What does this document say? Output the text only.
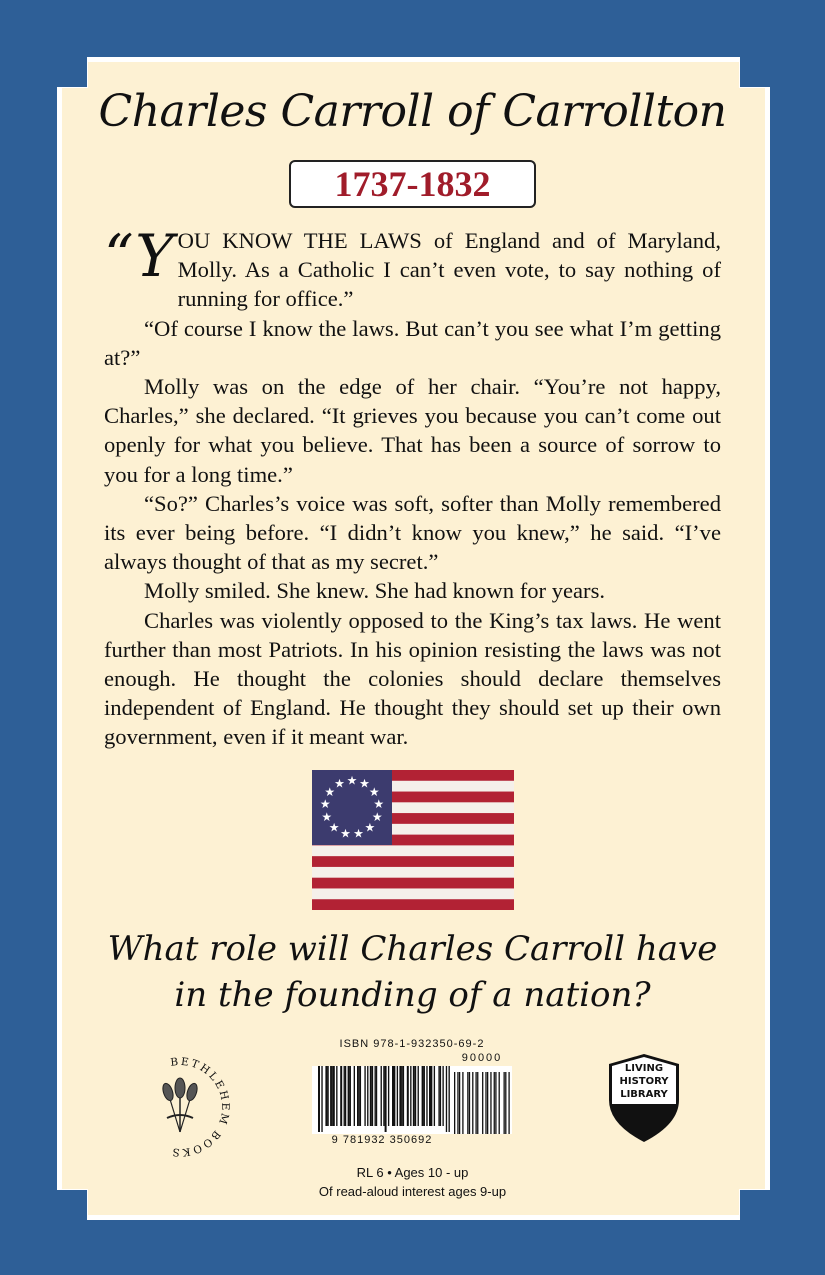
Charles Carroll of Carrollton
1737-1832

“YOU KNOW THE LAWS of England and of Maryland, Molly. As a Catholic I can’t even vote, to say nothing of running for office.”

“Of course I know the laws. But can’t you see what I’m getting at?”

Molly was on the edge of her chair. “You’re not happy, Charles,” she declared. “It grieves you because you can’t come out openly for what you believe. That has been a source of sorrow to you for a long time.”

“So?” Charles’s voice was soft, softer than Molly remembered its ever being before. “I didn’t know you knew,” he said. “I’ve always thought of that as my secret.”

Molly smiled. She knew. She had known for years.

Charles was violently opposed to the King’s tax laws. He went further than most Patriots. In his opinion resisting the laws was not enough. He thought the colonies should declare themselves independent of England. He thought they should set up their own government, even if it meant war.

★ ★
★
★
★
★
★
★
★
★
★
★
★
What role will Charles Carroll have
in the founding of a nation?
BETHLEHEM BOOKS
ISBN 978-1-932350-69-2
90000
9 781932 350692
LIVING
HISTORY
LIBRARY
RL 6 • Ages 10 - up
Of read-aloud interest ages 9-up
